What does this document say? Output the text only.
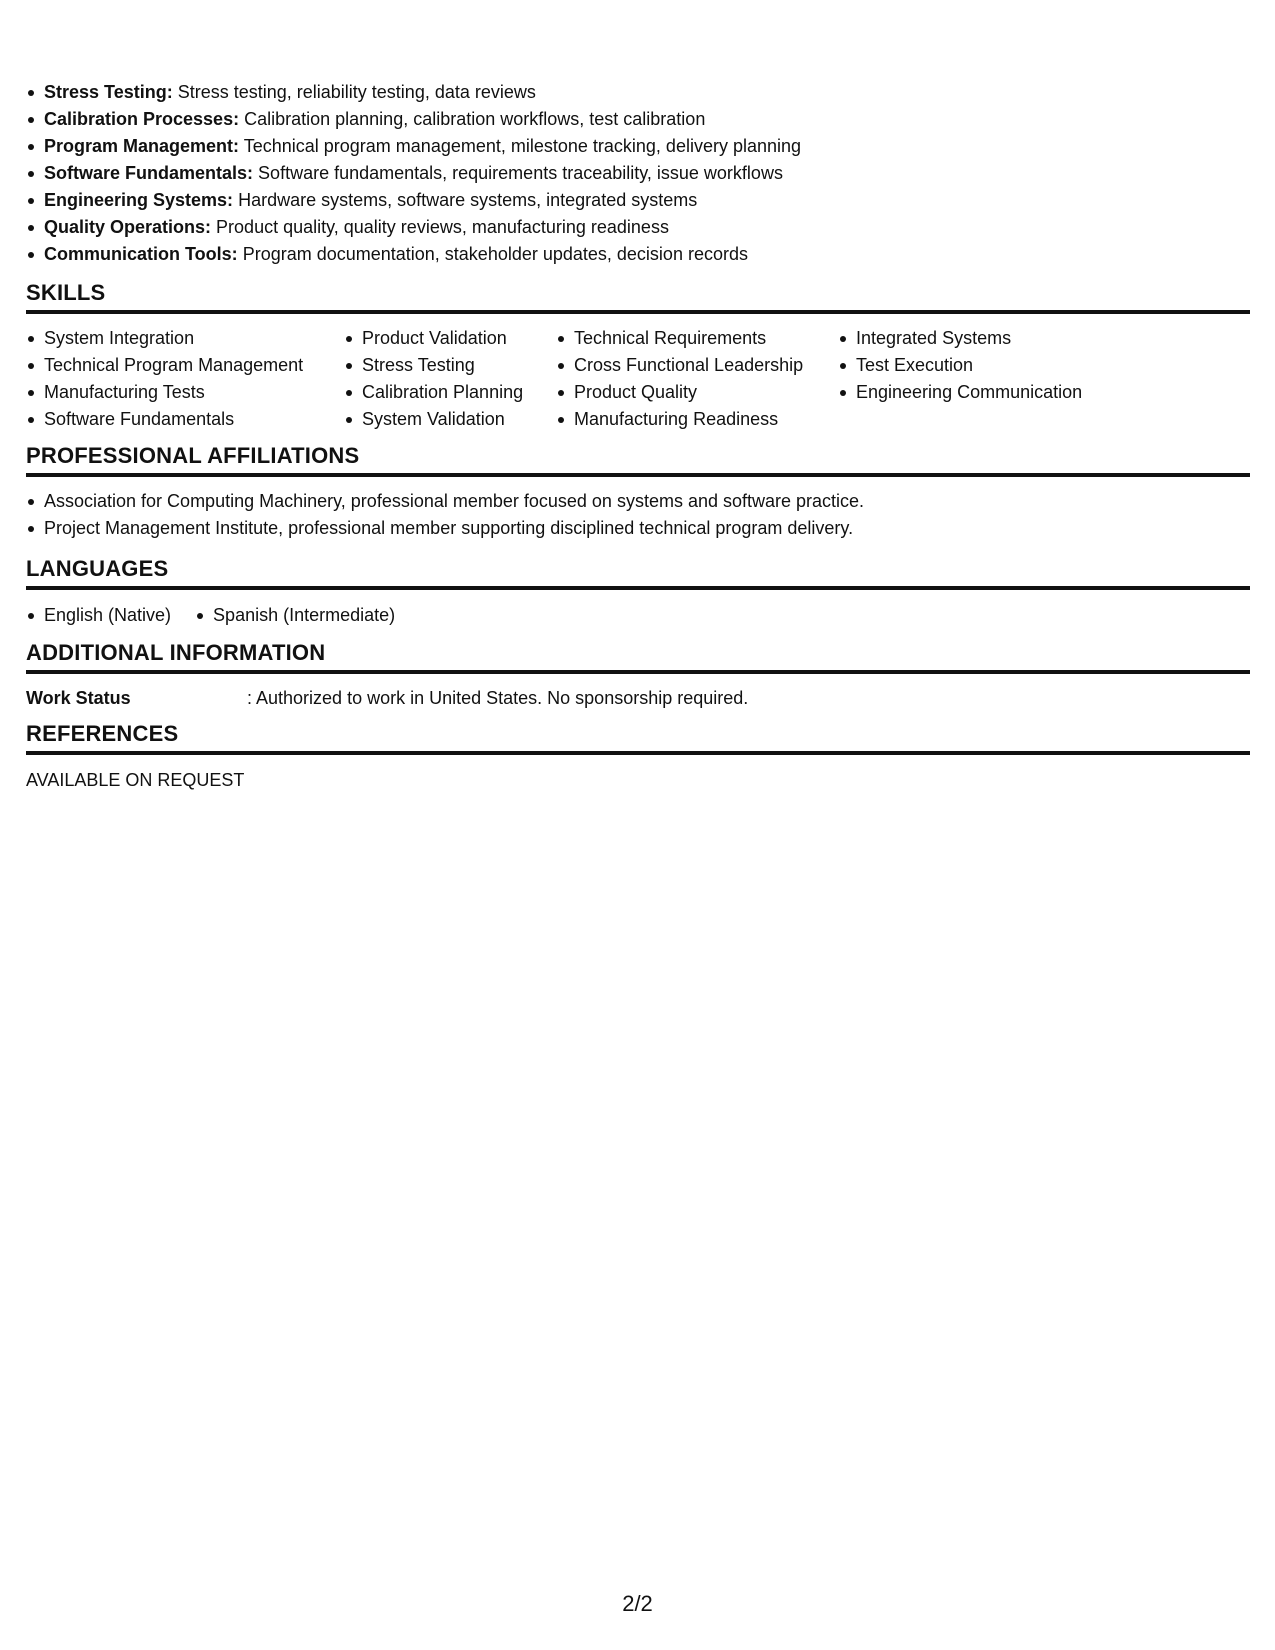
Stress Testing: Stress testing, reliability testing, data reviews
Calibration Processes: Calibration planning, calibration workflows, test calibration
Program Management: Technical program management, milestone tracking, delivery planning
Software Fundamentals: Software fundamentals, requirements traceability, issue workflows
Engineering Systems: Hardware systems, software systems, integrated systems
Quality Operations: Product quality, quality reviews, manufacturing readiness
Communication Tools: Program documentation, stakeholder updates, decision records
SKILLS
System Integration
Technical Program Management
Manufacturing Tests
Software Fundamentals
Product Validation
Stress Testing
Calibration Planning
System Validation
Technical Requirements
Cross Functional Leadership
Product Quality
Manufacturing Readiness
Integrated Systems
Test Execution
Engineering Communication
PROFESSIONAL AFFILIATIONS
Association for Computing Machinery, professional member focused on systems and software practice.
Project Management Institute, professional member supporting disciplined technical program delivery.
LANGUAGES
English (Native)	Spanish (Intermediate)
ADDITIONAL INFORMATION
Work Status	: Authorized to work in United States. No sponsorship required.
REFERENCES
AVAILABLE ON REQUEST
2/2
